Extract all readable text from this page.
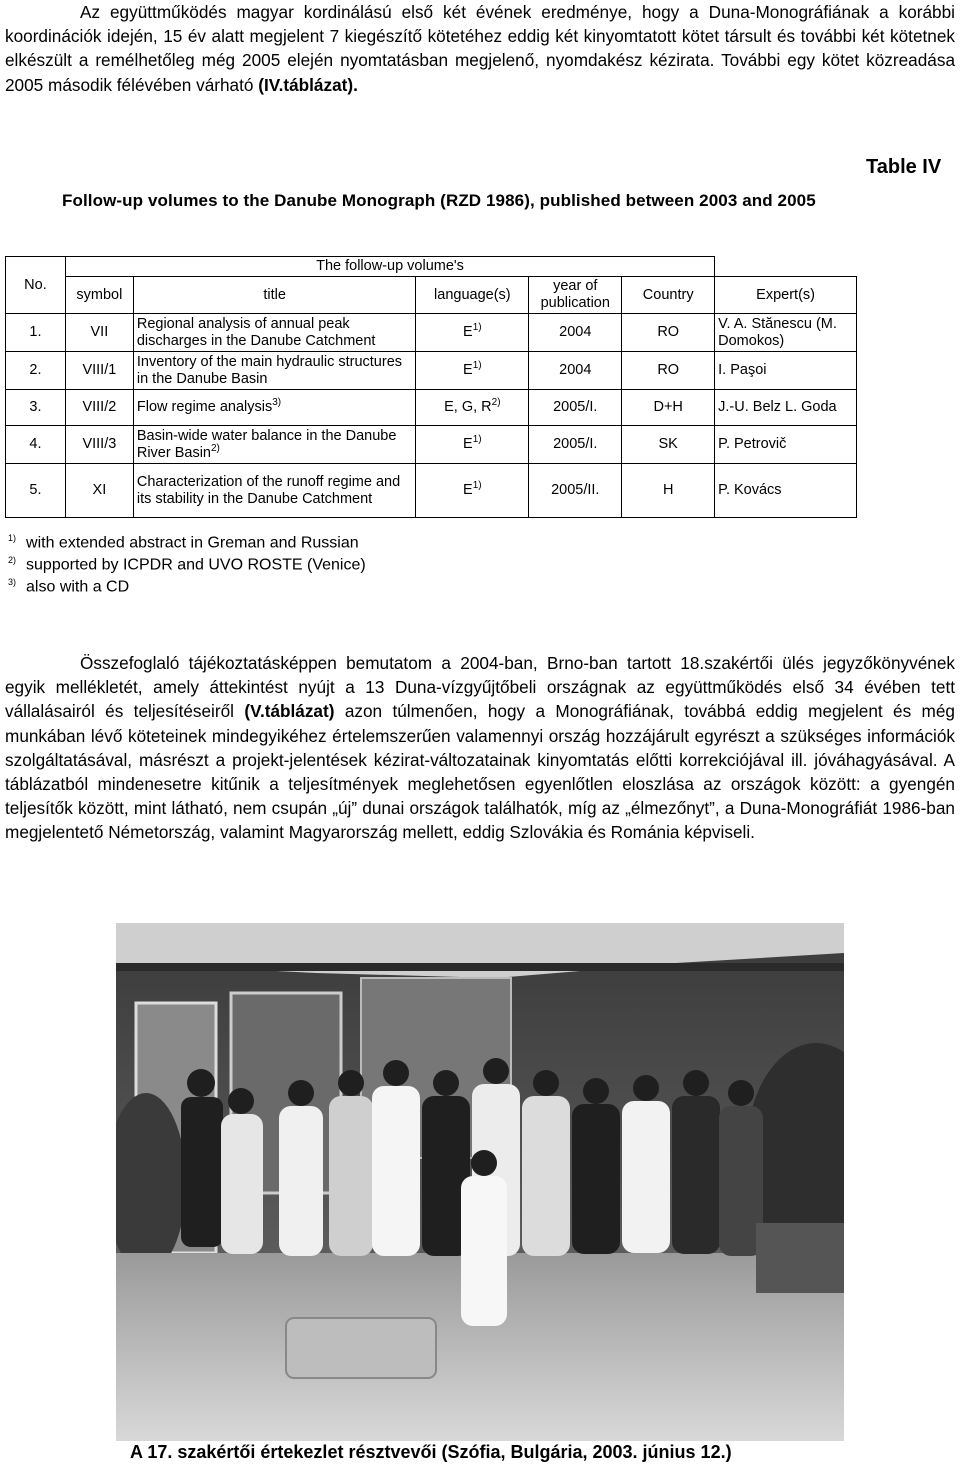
Az együttműködés magyar kordinálású első két évének eredménye, hogy a Duna-Monográfiának a korábbi koordinációk idején, 15 év alatt megjelent 7 kiegészítő kötetéhez eddig két kinyomtatott kötet társult és további két kötetnek elkészült a remélhetőleg még 2005 elején nyomtatásban megjelenő, nyomdakész kézirata. További egy kötet közreadása 2005 második félévében várható (IV.táblázat).
Table IV
Follow-up volumes to the Danube Monograph (RZD 1986), published between 2003 and 2005
No.	The follow-up volume's				
	symbol	title	language(s)	year of publication	Country	Expert(s)
1.	VII	Regional analysis of annual peak discharges in the Danube Catchment	$E^{1)}$	2004	RO	V. A. Stănescu (M. Domokos)
2.	VIII/1	Inventory of the main hydraulic structures in the Danube Basin	$E^{1)}$	2004	RO	I. Paşoi
3.	VIII/2	Flow regime analysis$^{3)}$	E, G, $R^{2)}$	2005/I.	D+H	J.-U. Belz L. Goda
4.	VIII/3	Basin-wide water balance in the Danube River Basin$^{2)}$	$E^{1)}$	2005/I.	SK	P. Petrovič
5.	XI	Characterization of the runoff regime and its stability in the Danube Catchment	$E^{1)}$	2005/II.	H	P. Kovács
$^{1)}$ with extended abstract in Greman and Russian
$^{2)}$ supported by ICPDR and UVO ROSTE (Venice)
$^{3)}$ also with a CD
Összefoglaló tájékoztatásképpen bemutatom a 2004-ban, Brno-ban tartott 18.szakértői ülés jegyzőkönyvének egyik mellékletét, amely áttekintést nyújt a 13 Duna-vízgyűjtőbeli országnak az együttműködés első 34 évében tett vállalásairól és teljesítéseiről (V.táblázat) azon túlmenően, hogy a Monográfiának, továbbá eddig megjelent és még munkában lévő köteteinek mindegyikéhez értelemszerűen valamennyi ország hozzájárult egyrészt a szükséges információk szolgáltatásával, másrészt a projekt-jelentések kézirat-változatainak kinyomtatás előtti korrekciójával ill. jóváhagyásával. A táblázatból mindenesetre kitűnik a teljesítmények meglehetősen egyenlőtlen eloszlása az országok között: a gyengén teljesítők között, mint látható, nem csupán „új” dunai országok találhatók, míg az „élmezőnyt”, a Duna-Monográfiát 1986-ban megjelentető Németország, valamint Magyarország mellett, eddig Szlovákia és Románia képviseli.
A 17. szakértői értekezlet résztvevői (Szófia, Bulgária, 2003. június 12.)
